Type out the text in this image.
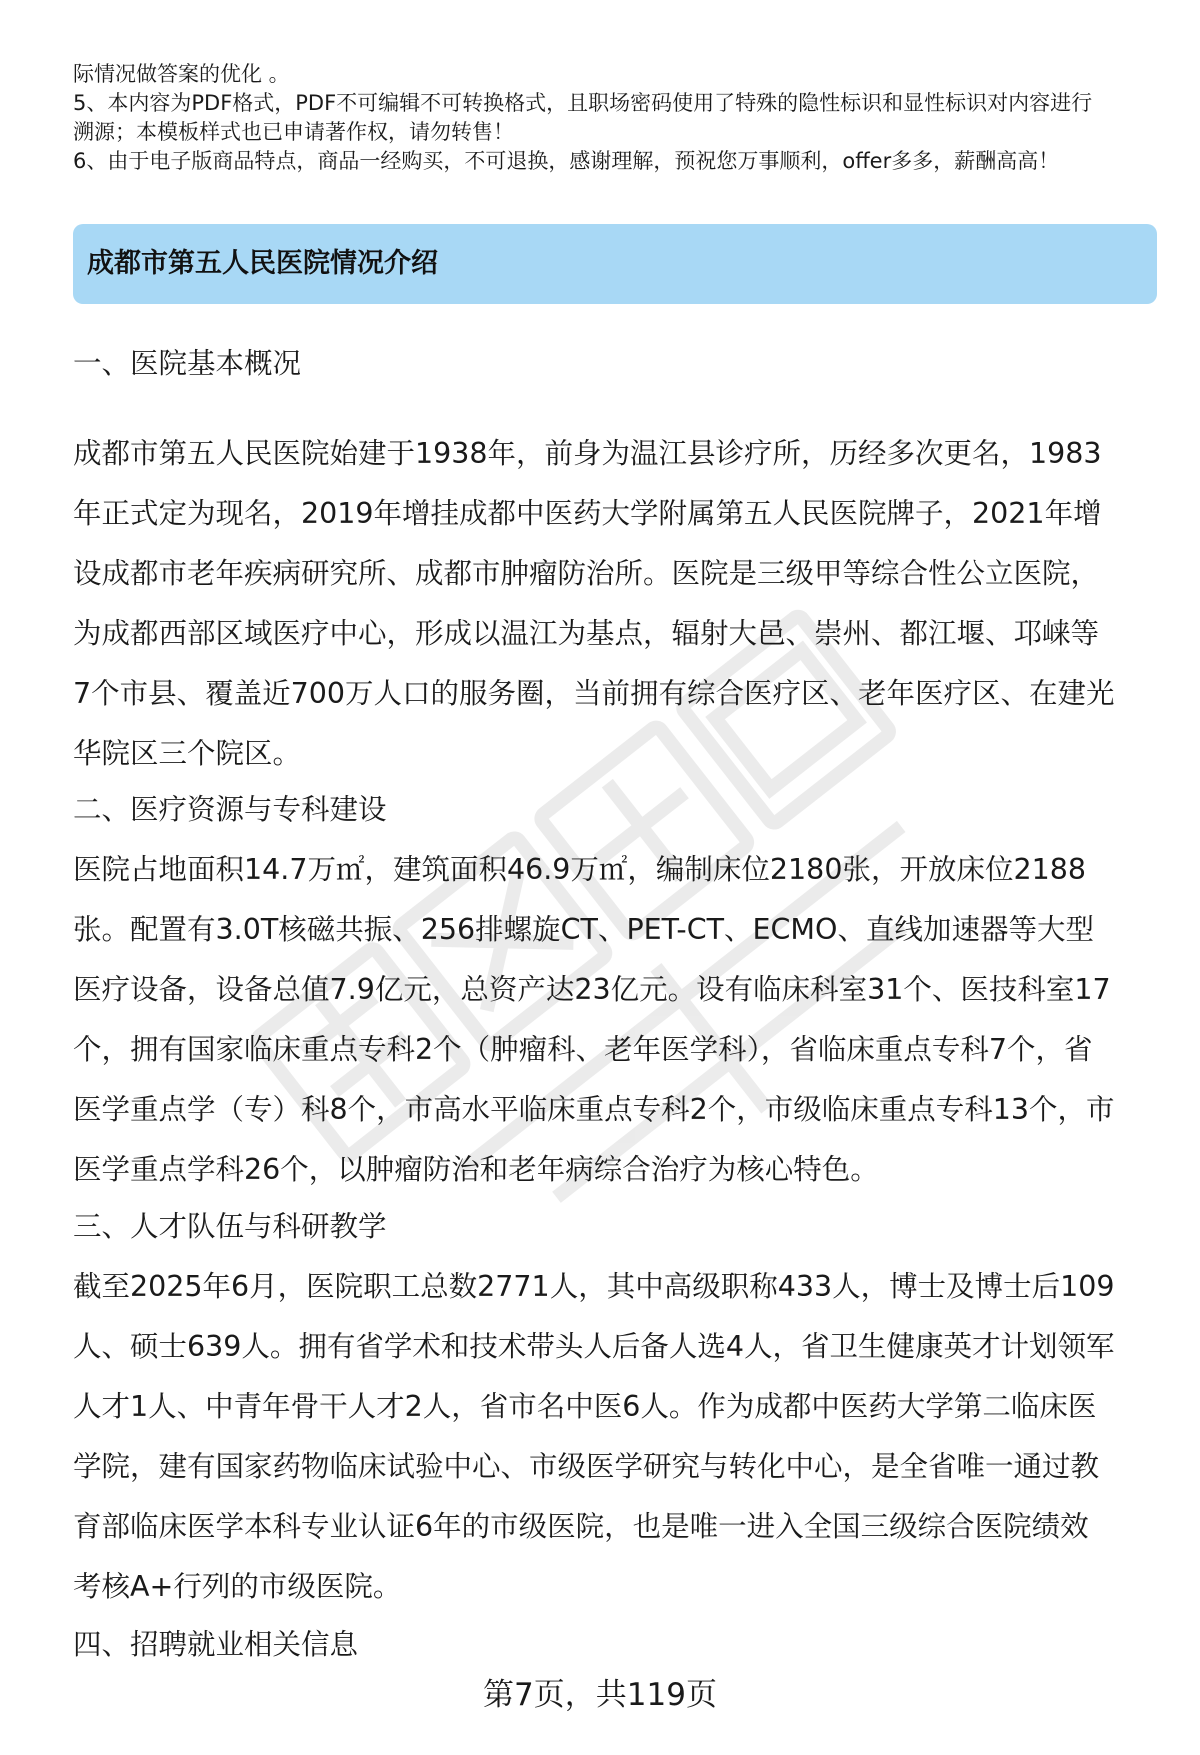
际情况做答案的优化 。

5、本内容为PDF格式，PDF不可编辑不可转换格式，且职场密码使用了特殊的隐性标识和显性标识对内容进行

溯源；本模板样式也已申请著作权，请勿转售！

6、由于电子版商品特点，商品一经购买，不可退换，感谢理解，预祝您万事顺利，offer多多，薪酬高高！

成都市第五人民医院情况介绍
一、医院基本概况

成都市第五人民医院始建于1938年，前身为温江县诊疗所，历经多次更名，1983

年正式定为现名，2019年增挂成都中医药大学附属第五人民医院牌子，2021年增

设成都市老年疾病研究所、成都市肿瘤防治所。医院是三级甲等综合性公立医院，

为成都西部区域医疗中心，形成以温江为基点，辐射大邑、崇州、都江堰、邛崃等

7个市县、覆盖近700万人口的服务圈，当前拥有综合医疗区、老年医疗区、在建光

华院区三个院区。

二、医疗资源与专科建设

医院占地面积14.7万㎡，建筑面积46.9万㎡，编制床位2180张，开放床位2188

张。配置有3.0T核磁共振、256排螺旋CT、PET-CT、ECMO、直线加速器等大型

医疗设备，设备总值7.9亿元，总资产达23亿元。设有临床科室31个、医技科室17

个，拥有国家临床重点专科2个（肿瘤科、老年医学科），省临床重点专科7个，省

医学重点学（专）科8个，市高水平临床重点专科2个，市级临床重点专科13个，市

医学重点学科26个，以肿瘤防治和老年病综合治疗为核心特色。

三、人才队伍与科研教学

截至2025年6月，医院职工总数2771人，其中高级职称433人，博士及博士后109

人、硕士639人。拥有省学术和技术带头人后备人选4人，省卫生健康英才计划领军

人才1人、中青年骨干人才2人，省市名中医6人。作为成都中医药大学第二临床医

学院，建有国家药物临床试验中心、市级医学研究与转化中心，是全省唯一通过教

育部临床医学本科专业认证6年的市级医院，也是唯一进入全国三级综合医院绩效

考核A+行列的市级医院。

四、招聘就业相关信息
第7页，共119页
